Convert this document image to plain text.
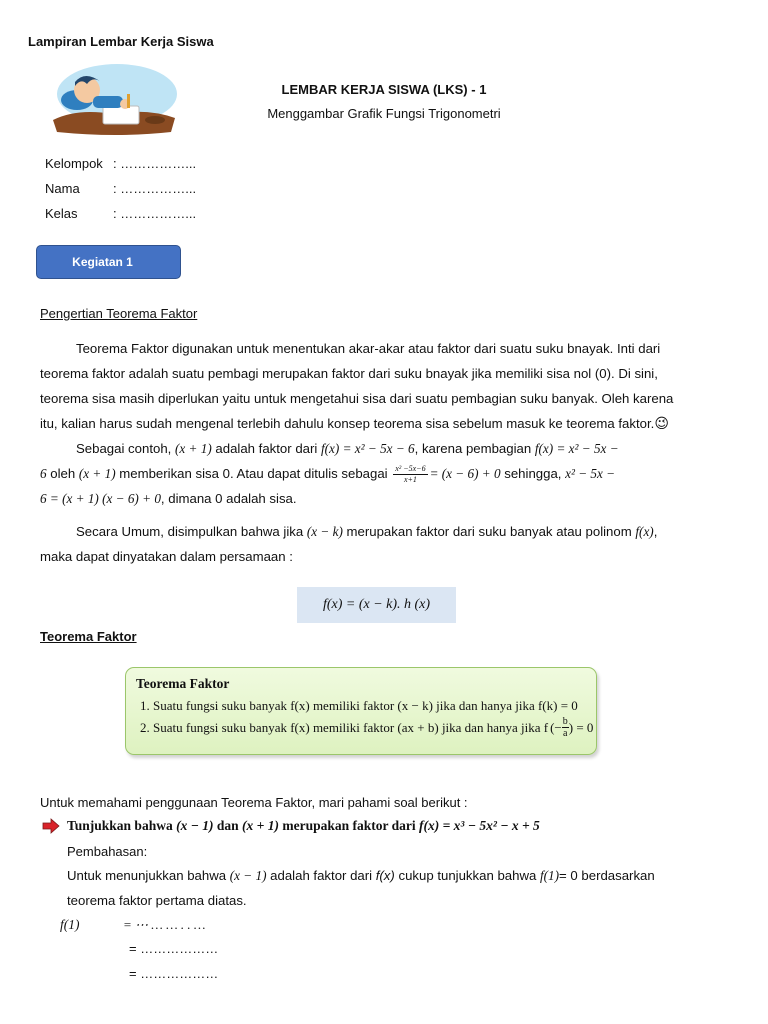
Lampiran Lembar Kerja Siswa
LEMBAR KERJA SISWA (LKS) - 1
Menggambar Grafik Fungsi Trigonometri
Kelompok : ……………...
Nama	: ……………...
Kelas	: ……………...
Kegiatan 1
Pengertian Teorema Faktor
Teorema Faktor digunakan untuk menentukan akar-akar atau faktor dari suatu suku bnayak. Inti dari
teorema faktor adalah suatu pembagi merupakan faktor dari suku bnayak jika memiliki sisa nol (0). Di sini,
teorema sisa masih diperlukan yaitu untuk mengetahui sisa dari suatu pembagian suku banyak. Oleh karena
itu, kalian harus sudah mengenal terlebih dahulu konsep teorema sisa sebelum masuk ke teorema faktor.😉
Sebagai contoh, (x + 1) adalah faktor dari f(x) = x² − 5x − 6, karena pembagian f(x) = x² − 5x −
6 oleh (x + 1) memberikan sisa 0. Atau dapat ditulis sebagai $\frac{\text{x² −5x−6}}{x+1} = (x - 6) + 0$ sehingga, x² − 5x −
6 = (x + 1) (x − 6) + 0, dimana 0 adalah sisa.
Secara Umum, disimpulkan bahwa jika (x − k) merupakan faktor dari suku banyak atau polinom f(x),
maka dapat dinyatakan dalam persamaan :
f(x) = (x − k). h (x)
Teorema Faktor
Teorema Faktor
1. Suatu fungsi suku banyak f(x) memiliki faktor (x − k) jika dan hanya jika f(k) = 0
2. Suatu fungsi suku banyak f(x) memiliki faktor (ax + b) jika dan hanya jika f (− $\frac{b}{a}$ ) = 0
Untuk memahami penggunaan Teorema Faktor, mari pahami soal berikut :
Tunjukkan bahwa (x − 1) dan (x + 1) merupakan faktor dari f(x) = x³ − 5x² − x + 5
Pembahasan:
Untuk menunjukkan bahwa (x − 1) adalah faktor dari f(x) cukup tunjukkan bahwa f(1)= 0 berdasarkan
teorema faktor pertama diatas.
f(1)	= ⋯ … … . . …
= ………………
= ………………
